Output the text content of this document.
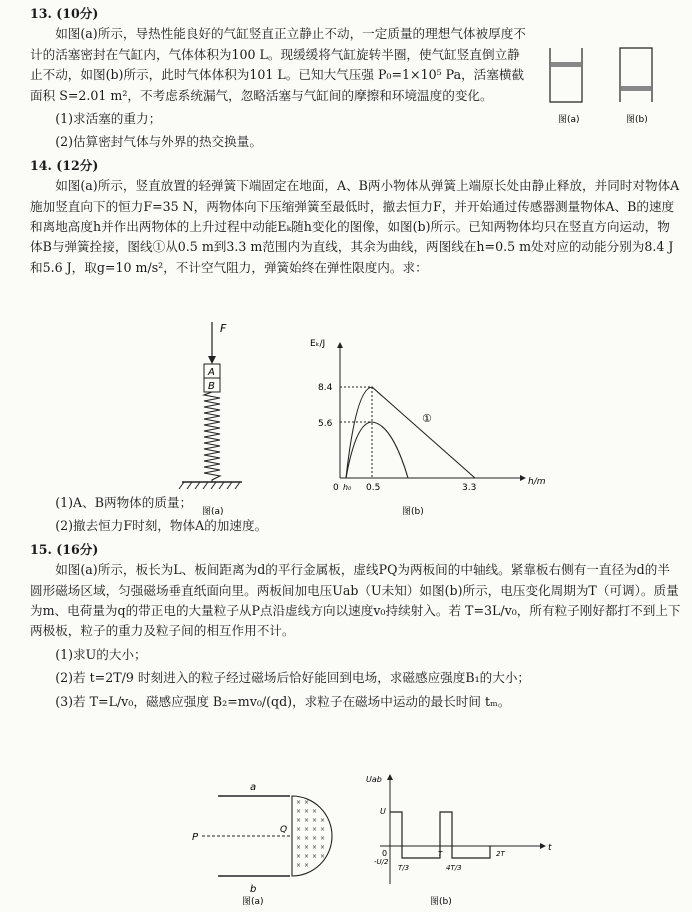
13. (10分)

如图(a)所示，导热性能良好的气缸竖直正立静止不动，一定质量的理想气体被厚度不计的活塞密封在气缸内，气体体积为100 L。现缓缓将气缸旋转半圈，使气缸竖直倒立静止不动，如图(b)所示，此时气体体积为101 L。已知大气压强 P₀=1×10⁵ Pa，活塞横截面积 S=2.01 m²，不考虑系统漏气，忽略活塞与气缸间的摩擦和环境温度的变化。

(1)求活塞的重力；

(2)估算密封气体与外界的热交换量。

14. (12分)

如图(a)所示，竖直放置的轻弹簧下端固定在地面，A、B两小物体从弹簧上端原长处由静止释放，并同时对物体A施加竖直向下的恒力F=35 N，两物体向下压缩弹簧至最低时，撤去恒力F，并开始通过传感器测量物体A、B的速度和离地高度h并作出两物体的上升过程中动能Eₖ随h变化的图像，如图(b)所示。已知两物体均只在竖直方向运动，物体B与弹簧拴接，图线①从0.5 m到3.3 m范围内为直线，其余为曲线，两图线在h=0.5 m处对应的动能分别为8.4 J和5.6 J，取g=10 m/s²，不计空气阻力，弹簧始终在弹性限度内。求：

(1)A、B两物体的质量；

(2)撤去恒力F时刻，物体A的加速度。

15. (16分)

如图(a)所示，板长为L、板间距离为d的平行金属板，虚线PQ为两板间的中轴线。紧靠板右侧有一直径为d的半圆形磁场区域，匀强磁场垂直纸面向里。两板间加电压Uab（U未知）如图(b)所示，电压变化周期为T（可调）。质量为m、电荷量为q的带正电的大量粒子从P点沿虚线方向以速度v₀持续射入。若 T=3L/v₀，所有粒子刚好都打不到上下两极板，粒子的重力及粒子间的相互作用不计。

(1)求U的大小；

(2)若 t=2T/9 时刻进入的粒子经过磁场后恰好能回到电场，求磁感应强度B₁的大小；

(3)若 T=L/v₀，磁感应强度 B₂=mv₀/(qd)，求粒子在磁场中运动的最长时间 tₘ。

图(a)	图(b)
F
A
B
图(a)
Eₖ/J
h/m
8.4
5.6
0 h₀ 0.5	3.3
①
图(b)
a
b
P
Q
× ×
× × ×
× × × ×
× × × ×
× × × ×
× × × ×
× × × ×
× ×
图(a)
Uab
t
U
-U/2
0
T/3
T
4T/3
2T
图(b)
